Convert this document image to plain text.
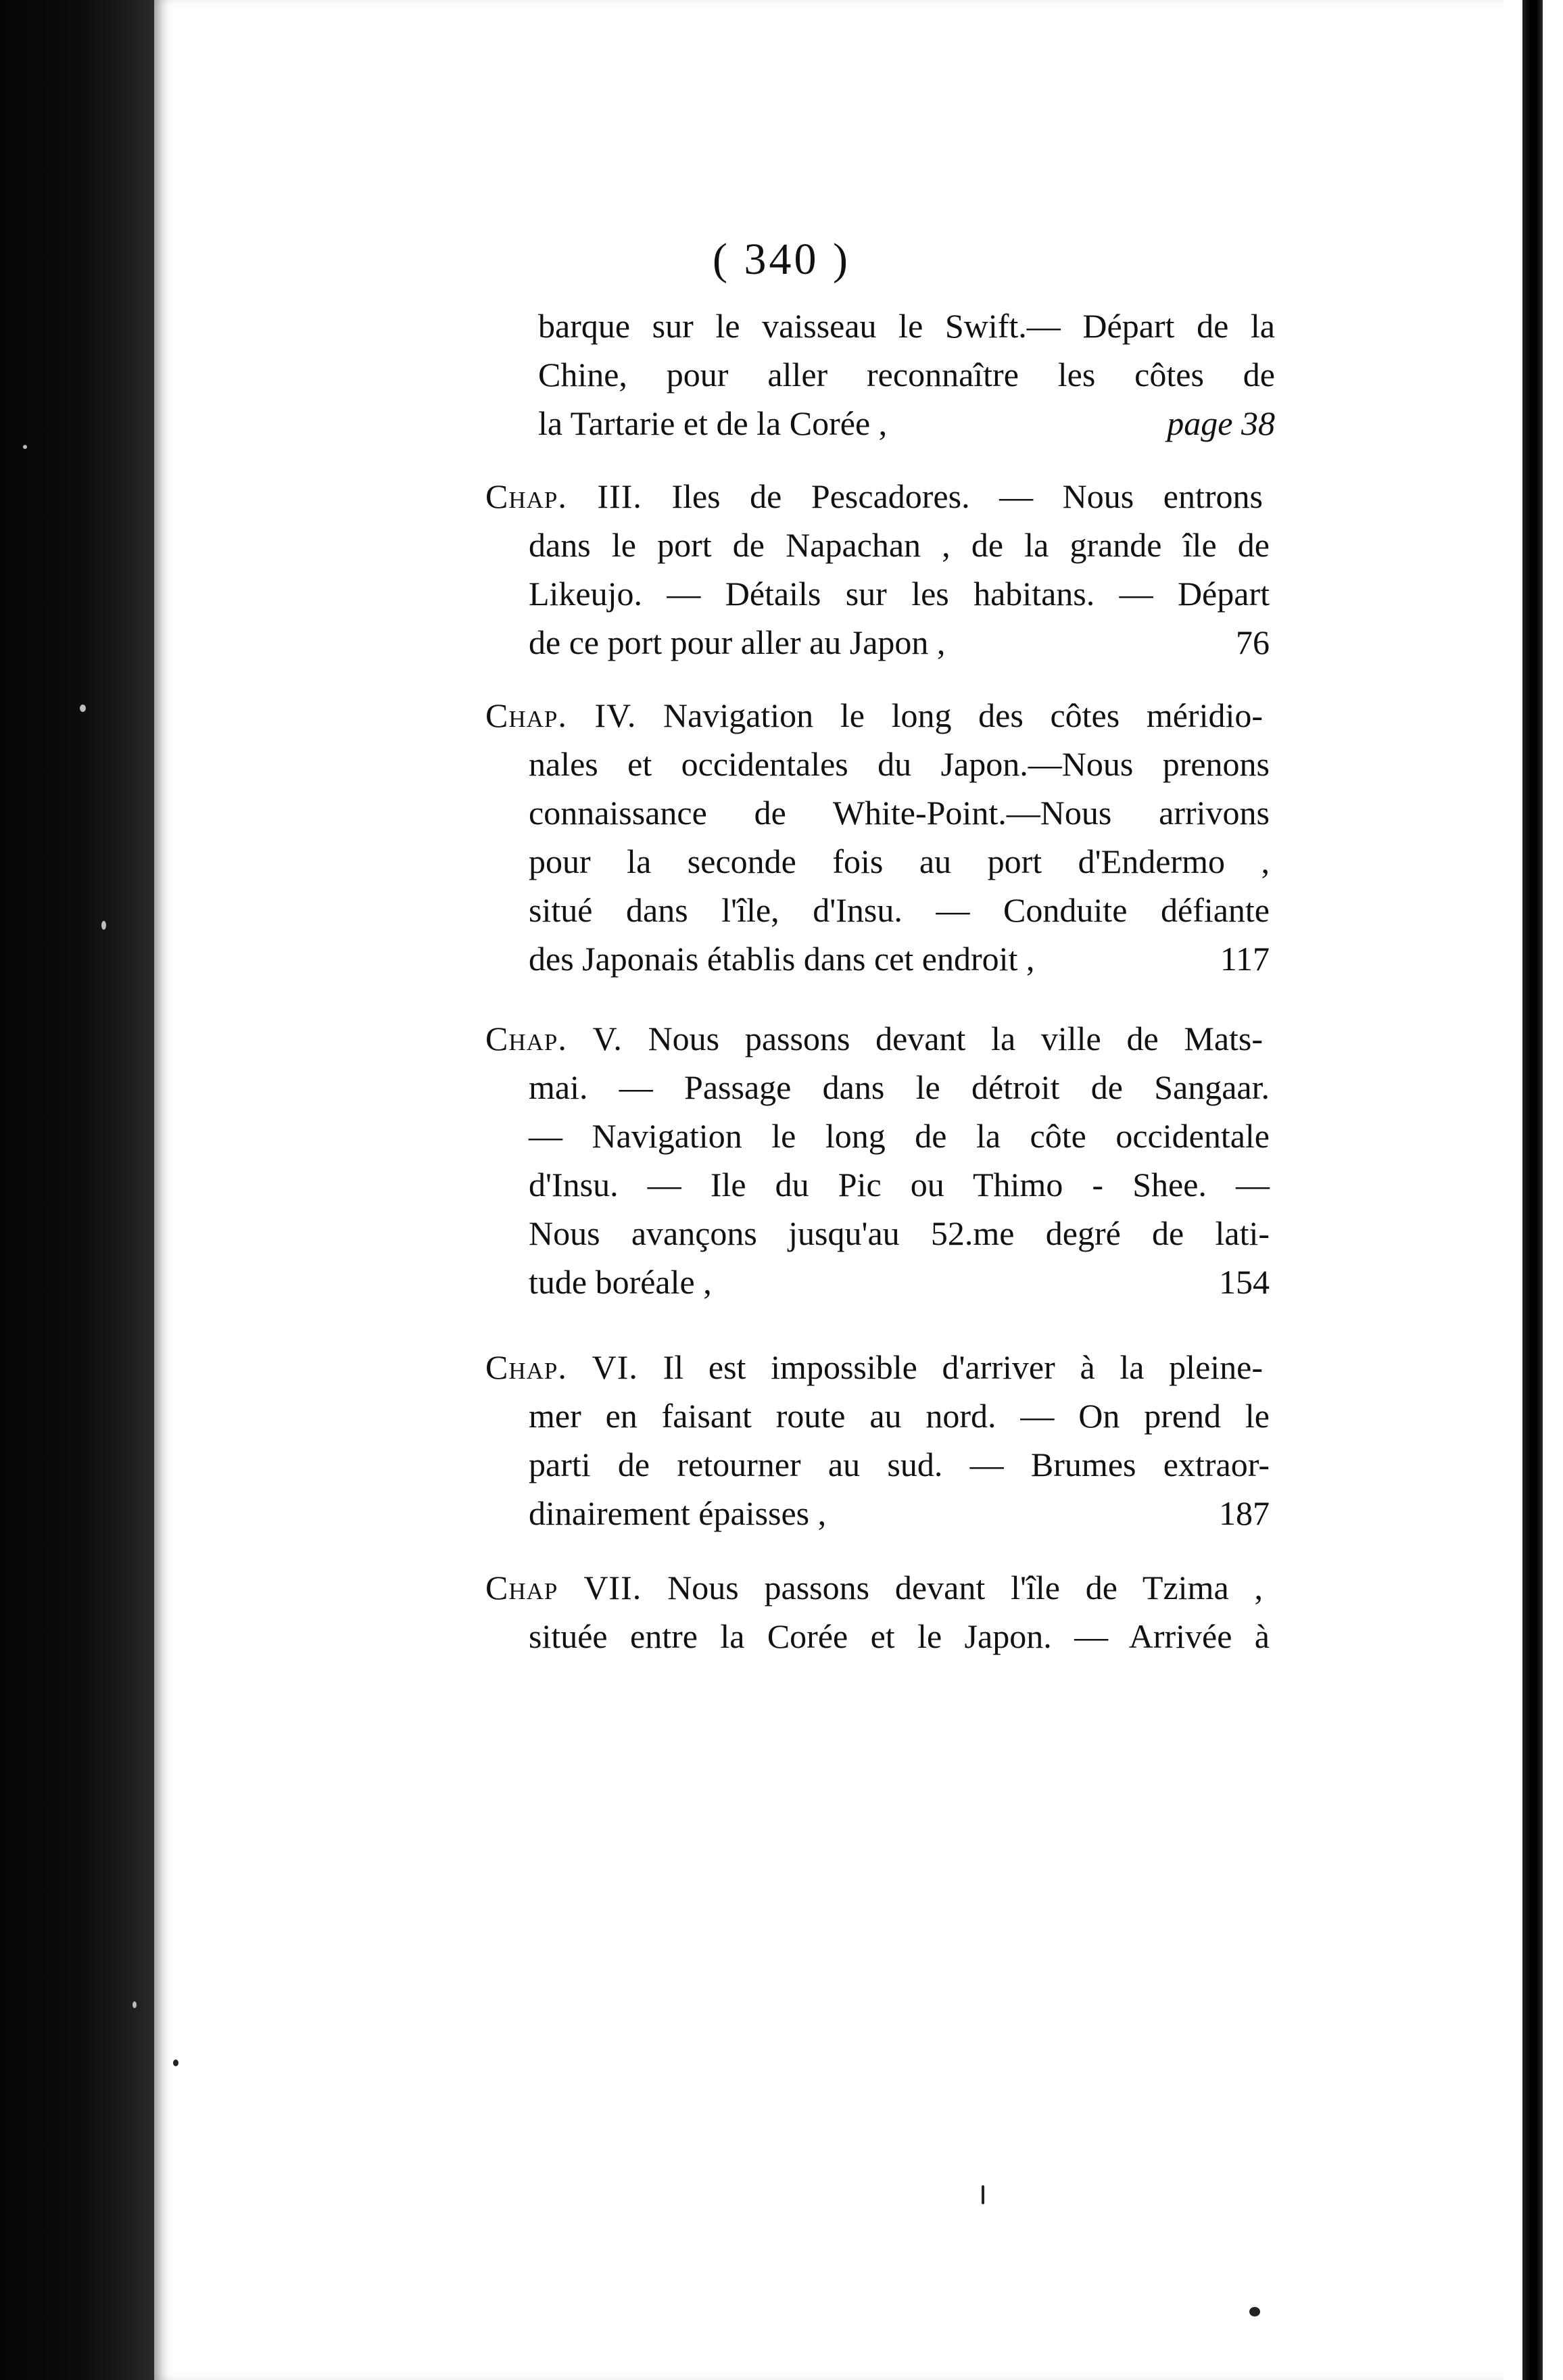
( 340 )
barque sur le vaisseau le Swift.— Départ de la
Chine, pour aller reconnaître les côtes de
la Tartarie et de la Corée ,	page 38
Chap. III. Iles de Pescadores. — Nous entrons
dans le port de Napachan , de la grande île de
Likeujo. — Détails sur les habitans. — Départ
de ce port pour aller au Japon ,	76
Chap. IV. Navigation le long des côtes méridio-
nales et occidentales du Japon.—Nous prenons
connaissance de White-Point.—Nous arrivons
pour la seconde fois au port d'Endermo ,
situé dans l'île, d'Insu. — Conduite défiante
des Japonais établis dans cet endroit ,	117
Chap. V. Nous passons devant la ville de Mats-
mai. — Passage dans le détroit de Sangaar.
— Navigation le long de la côte occidentale
d'Insu. — Ile du Pic ou Thimo - Shee. —
Nous avançons jusqu'au 52.me degré de lati-
tude boréale ,	154
Chap. VI. Il est impossible d'arriver à la pleine-
mer en faisant route au nord. — On prend le
parti de retourner au sud. — Brumes extraor-
dinairement épaisses ,	187
Chap VII. Nous passons devant l'île de Tzima ,
située entre la Corée et le Japon. — Arrivée à
